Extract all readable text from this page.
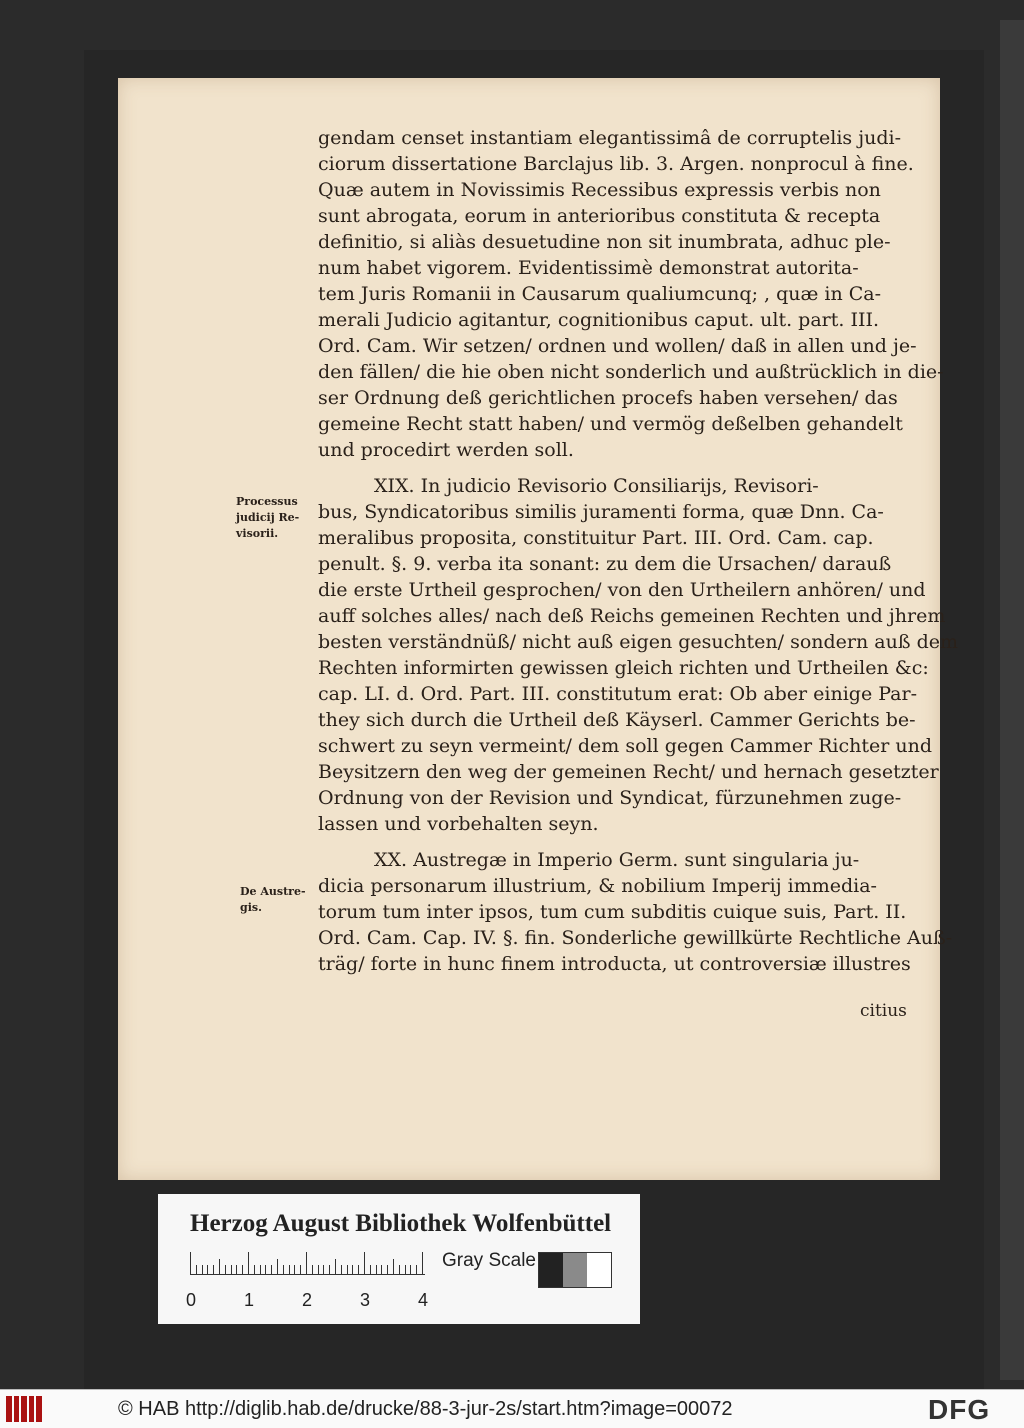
Processus
judicij Re-
visorii.
De Austre-
gis.
citius
gendam censet instantiam elegantissimâ de corruptelis judi-
ciorum dissertatione Barclajus lib. 3. Argen. nonprocul à fine.
Quæ autem in Novissimis Recessibus expressis verbis non
sunt abrogata, eorum in anterioribus constituta & recepta
definitio, si aliàs desuetudine non sit inumbrata, adhuc ple-
num habet vigorem. Evidentissimè demonstrat autorita-
tem Juris Romanii in Causarum qualiumcunq; , quæ in Ca-
merali Judicio agitantur, cognitionibus caput. ult. part. III.
Ord. Cam. Wir setzen/ ordnen und wollen/ daß in allen und je-
den fällen/ die hie oben nicht sonderlich und außtrücklich in die-
ser Ordnung deß gerichtlichen procefs haben versehen/ das
gemeine Recht statt haben/ und vermög deßelben gehandelt
und procedirt werden soll.
XIX. In judicio Revisorio Consiliarijs, Revisori-
bus, Syndicatoribus similis juramenti forma, quæ Dnn. Ca-
meralibus proposita, constituitur Part. III. Ord. Cam. cap.
penult. §. 9. verba ita sonant: zu dem die Ursachen/ darauß
die erste Urtheil gesprochen/ von den Urtheilern anhören/ und
auff solches alles/ nach deß Reichs gemeinen Rechten und jhrem
besten verständnüß/ nicht auß eigen gesuchten/ sondern auß dem
Rechten informirten gewissen gleich richten und Urtheilen &c:
cap. LI. d. Ord. Part. III. constitutum erat: Ob aber einige Par-
they sich durch die Urtheil deß Käyserl. Cammer Gerichts be-
schwert zu seyn vermeint/ dem soll gegen Cammer Richter und
Beysitzern den weg der gemeinen Recht/ und hernach gesetzter
Ordnung von der Revision und Syndicat, fürzunehmen zuge-
lassen und vorbehalten seyn.
XX. Austregæ in Imperio Germ. sunt singularia ju-
dicia personarum illustrium, & nobilium Imperij immedia-
torum tum inter ipsos, tum cum subditis cuique suis, Part. II.
Ord. Cam. Cap. IV. §. fin. Sonderliche gewillkürte Rechtliche Auß-
träg/ forte in hunc finem introducta, ut controversiæ illustres
Herzog August Bibliothek Wolfenbüttel
0	1	2	3	4
Gray Scale
© HAB http://diglib.hab.de/drucke/88-3-jur-2s/start.htm?image=00072	DFG
